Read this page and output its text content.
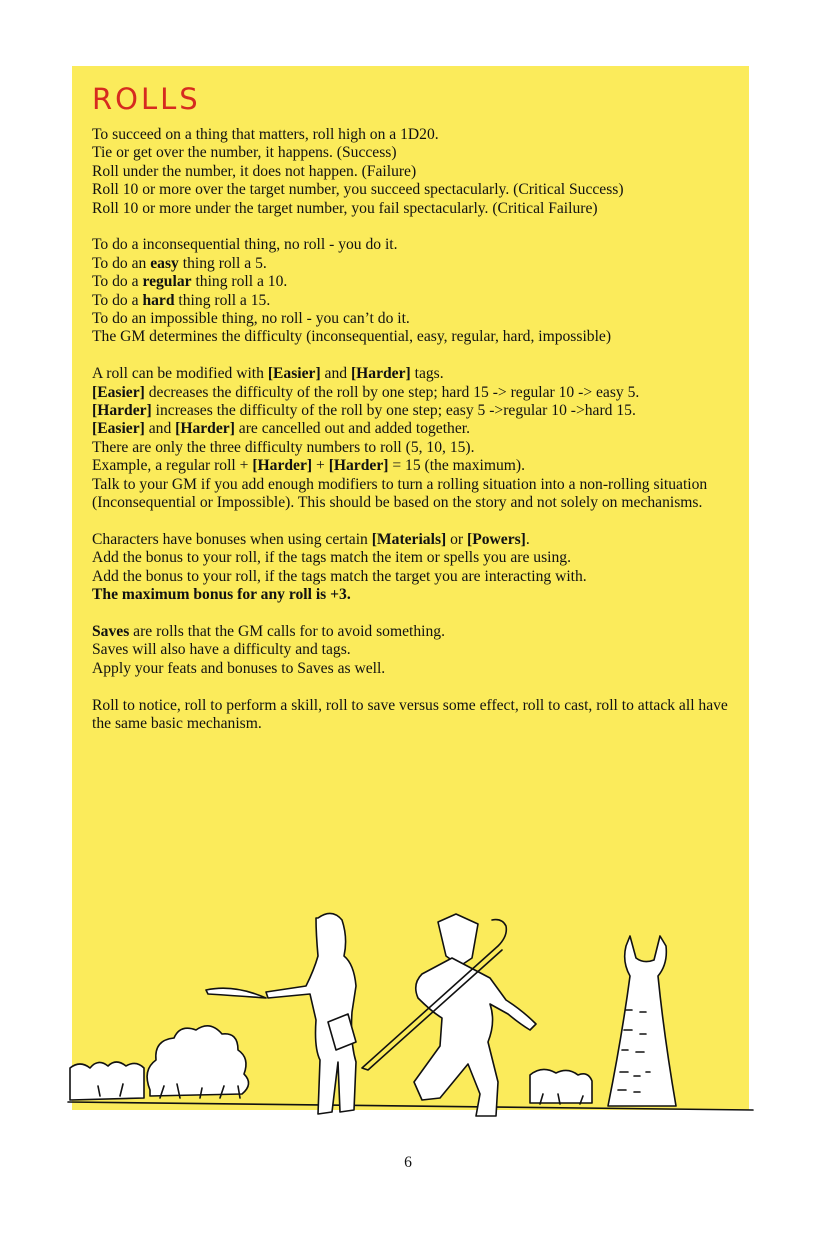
ROLLS

To succeed on a thing that matters, roll high on a 1D20.
Tie or get over the number, it happens. (Success)
Roll under the number, it does not happen. (Failure)
Roll 10 or more over the target number, you succeed spectacularly. (Critical Success)
Roll 10 or more under the target number, you fail spectacularly. (Critical Failure)

To do a inconsequential thing, no roll - you do it.
To do an easy thing roll a 5.
To do a regular thing roll a 10.
To do a hard thing roll a 15.
To do an impossible thing, no roll - you can’t do it.
The GM determines the difficulty (inconsequential, easy, regular, hard, impossible)

A roll can be modified with [Easier] and [Harder] tags.
[Easier] decreases the difficulty of the roll by one step; hard 15 -> regular 10 -> easy 5.
[Harder] increases the difficulty of the roll by one step; easy 5 ->regular 10 ->hard 15.
[Easier] and [Harder] are cancelled out and added together.
There are only the three difficulty numbers to roll (5, 10, 15).
Example, a regular roll + [Harder] + [Harder] = 15 (the maximum).
Talk to your GM if you add enough modifiers to turn a rolling situation into a non-rolling situation (Inconsequential or Impossible). This should be based on the story and not solely on mechanisms.

Characters have bonuses when using certain [Materials] or [Powers].
Add the bonus to your roll, if the tags match the item or spells you are using.
Add the bonus to your roll, if the tags match the target you are interacting with.
The maximum bonus for any roll is +3.

Saves are rolls that the GM calls for to avoid something.
Saves will also have a difficulty and tags.
Apply your feats and bonuses to Saves as well.

Roll to notice, roll to perform a skill, roll to save versus some effect, roll to cast, roll to attack all have the same basic mechanism.

6
